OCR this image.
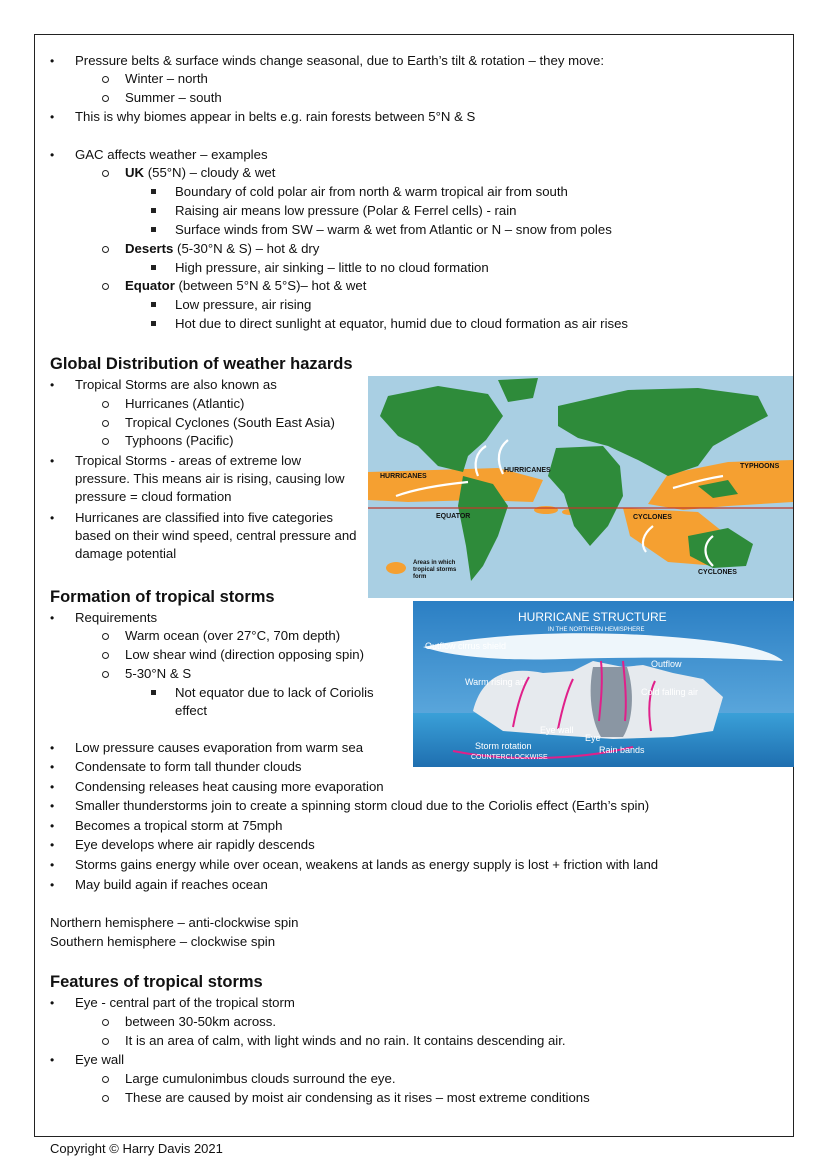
• Pressure belts & surface winds change seasonal, due to Earth’s tilt & rotation – they move:
Winter – north
Summer – south
• This is why biomes appear in belts e.g. rain forests between 5°N & S
• GAC affects weather – examples
UK (55°N) – cloudy & wet
Boundary of cold polar air from north & warm tropical air from south
Raising air means low pressure (Polar & Ferrel cells) - rain
Surface winds from SW – warm & wet from Atlantic or N – snow from poles
Deserts (5-30°N & S) – hot & dry
High pressure, air sinking – little to no cloud formation
Equator (between 5°N & 5°S)– hot & wet
Low pressure, air rising
Hot due to direct sunlight at equator, humid due to cloud formation as air rises
Global Distribution of weather hazards
• Tropical Storms are also known as
Hurricanes (Atlantic)
Tropical Cyclones (South East Asia)
Typhoons (Pacific)
• Tropical Storms - areas of extreme low pressure. This means air is rising, causing low pressure = cloud formation
• Hurricanes are classified into five categories based on their wind speed, central pressure and damage potential
HURRICANES
HURRICANES
TYPHOONS
EQUATOR	CYCLONES
CYCLONES
Areas in which
tropical storms
form
Formation of tropical storms
• Requirements
Warm ocean (over 27°C, 70m depth)
Low shear wind (direction opposing spin)
5-30°N & S
Not equator due to lack of Coriolis effect
HURRICANE STRUCTURE
IN THE NORTHERN HEMISPHERE
Outflow cirrus shield
Outflow
Warm rising air
Cold falling air
Eye wall
Eye
Rain bands
Storm rotation
COUNTERCLOCKWISE
• Low pressure causes evaporation from warm sea
• Condensate to form tall thunder clouds
• Condensing releases heat causing more evaporation
• Smaller thunderstorms join to create a spinning storm cloud due to the Coriolis effect (Earth’s spin)
• Becomes a tropical storm at 75mph
• Eye develops where air rapidly descends
• Storms gains energy while over ocean, weakens at lands as energy supply is lost + friction with land
• May build again if reaches ocean
Northern hemisphere – anti-clockwise spin
Southern hemisphere – clockwise spin
Features of tropical storms
• Eye - central part of the tropical storm
between 30-50km across.
It is an area of calm, with light winds and no rain. It contains descending air.
• Eye wall
Large cumulonimbus clouds surround the eye.
These are caused by moist air condensing as it rises – most extreme conditions
Copyright © Harry Davis 2021
